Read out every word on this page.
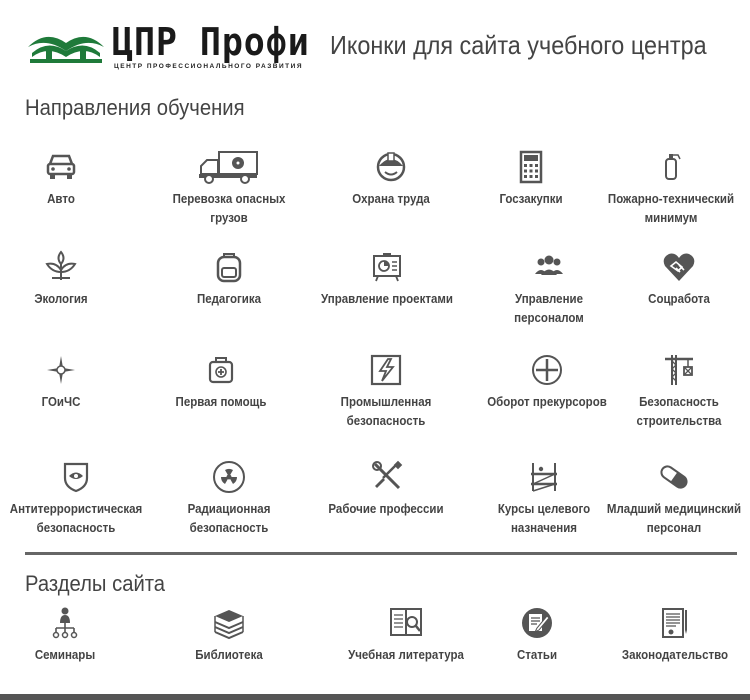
ЦПР Профи
ЦЕНТР ПРОФЕССИОНАЛЬНОГО РАЗВИТИЯ
Иконки для сайта учебного центра
Направления обучения
Авто	Перевозка опасных грузов
Охрана труда	Госзакупки	Пожарно-технический минимум
Экология	Педагогика	Управление проектами	Управление персоналом
Соцработа
ГОиЧС	Первая помощь	Промышленная безопасность
Оборот прекурсоров	Безопасность строительства
Антитеррористическая безопасность
Радиационная безопасность
Рабочие профессии	Курсы целевого назначения
Младший медицинский персонал
Разделы сайта
Семинары	Библиотека	Учебная литература	Статьи	Законодательство
